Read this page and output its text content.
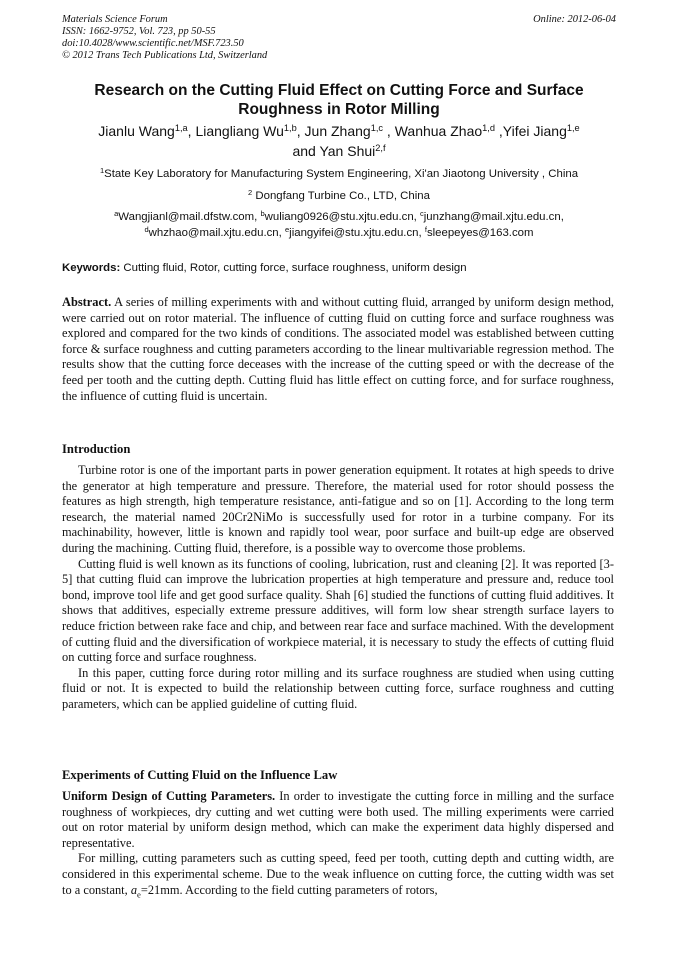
Materials Science Forum	Online: 2012-06-04
ISSN: 1662-9752, Vol. 723, pp 50-55
doi:10.4028/www.scientific.net/MSF.723.50
© 2012 Trans Tech Publications Ltd, Switzerland
Research on the Cutting Fluid Effect on Cutting Force and Surface
Roughness in Rotor Milling
Jianlu Wang$^{1,a}$, Liangliang Wu$^{1,b}$, Jun Zhang$^{1,c}$ , Wanhua Zhao$^{1,d}$ ,Yifei Jiang$^{1,e}$
and Yan Shui$^{2,f}$
$^1$State Key Laboratory for Manufacturing System Engineering, Xi'an Jiaotong University , China
$^2$ Dongfang Turbine Co., LTD, China
$^a$Wangjianl@mail.dfstw.com, $^b$wuliang0926@stu.xjtu.edu.cn, $^c$junzhang@mail.xjtu.edu.cn,
$^d$whzhao@mail.xjtu.edu.cn, $^e$jiangyifei@stu.xjtu.edu.cn, $^f$sleepeyes@163.com
Keywords: Cutting fluid, Rotor, cutting force, surface roughness, uniform design

Abstract. A series of milling experiments with and without cutting fluid, arranged by uniform design method, were carried out on rotor material. The influence of cutting fluid on cutting force and surface roughness was explored and compared for the two kinds of conditions. The associated model was established between cutting force & surface roughness and cutting parameters according to the linear multivariable regression method. The results show that the cutting force deceases with the increase of the cutting speed or with the decrease of the feed per tooth and the cutting depth. Cutting fluid has little effect on cutting force, and for surface roughness, the influence of cutting fluid is uncertain.

Introduction

Turbine rotor is one of the important parts in power generation equipment. It rotates at high speeds to drive the generator at high temperature and pressure. Therefore, the material used for rotor should possess the features as high strength, high temperature resistance, anti-fatigue and so on [1]. According to the long term research, the material named 20Cr2NiMo is successfully used for rotor in a turbine company. For its machinability, however, little is known and rapidly tool wear, poor surface and built-up edge are observed during the machining. Cutting fluid, therefore, is a possible way to overcome those problems.

Cutting fluid is well known as its functions of cooling, lubrication, rust and cleaning [2]. It was reported [3-5] that cutting fluid can improve the lubrication properties at high temperature and pressure and, reduce tool bond, improve tool life and get good surface quality. Shah [6] studied the functions of cutting fluid additives. It shows that additives, especially extreme pressure additives, will form low shear strength surface layers to reduce friction between rake face and chip, and between rear face and surface machined. With the development of cutting fluid and the diversification of workpiece material, it is necessary to study the effects of cutting fluid on cutting force and surface roughness.

In this paper, cutting force during rotor milling and its surface roughness are studied when using cutting fluid or not. It is expected to build the relationship between cutting force, surface roughness and cutting parameters, which can be applied guideline of cutting fluid.

Experiments of Cutting Fluid on the Influence Law

Uniform Design of Cutting Parameters. In order to investigate the cutting force in milling and the surface roughness of workpieces, dry cutting and wet cutting were both used. The milling experiments were carried out on rotor material by uniform design method, which can make the experiment data highly dispersed and representative.

For milling, cutting parameters such as cutting speed, feed per tooth, cutting depth and cutting width, are considered in this experimental scheme. Due to the weak influence on cutting force, the cutting width was set to a constant, $a_e=21mm$. According to the field cutting parameters of rotors,
